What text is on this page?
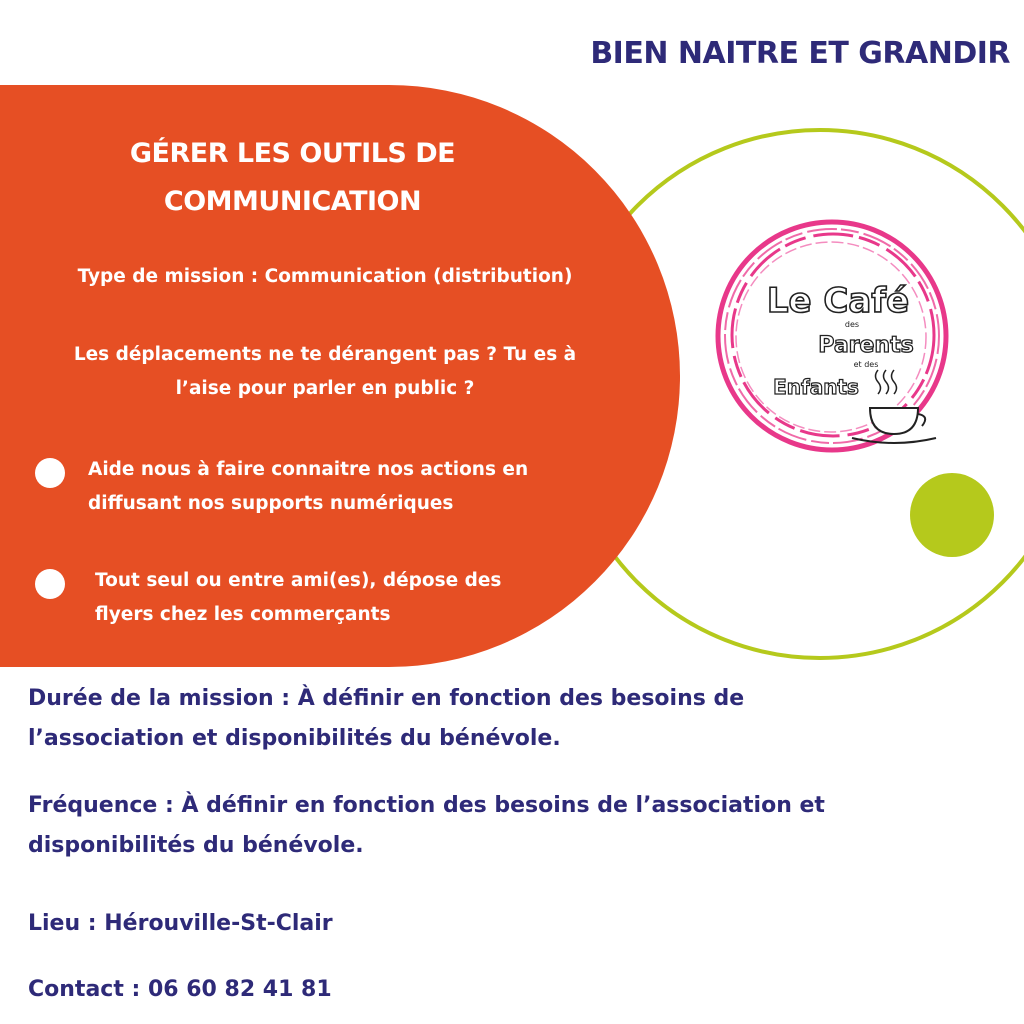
BIEN NAITRE ET GRANDIR
GÉRER LES OUTILS DE
COMMUNICATION
Type de mission : Communication (distribution)
Les déplacements ne te dérangent pas ? Tu es à
l’aise pour parler en public ?
Aide nous à faire connaitre nos actions en
diffusant nos supports numériques
Tout seul ou entre ami(es), dépose des
flyers chez les commerçants
Le Café
des
Parents
et des
Enfants
Durée de la mission : À définir en fonction des besoins de
l’association et disponibilités du bénévole.
Fréquence : À définir en fonction des besoins de l’association et
disponibilités du bénévole.
Lieu : Hérouville-St-Clair
Contact : 06 60 82 41 81
